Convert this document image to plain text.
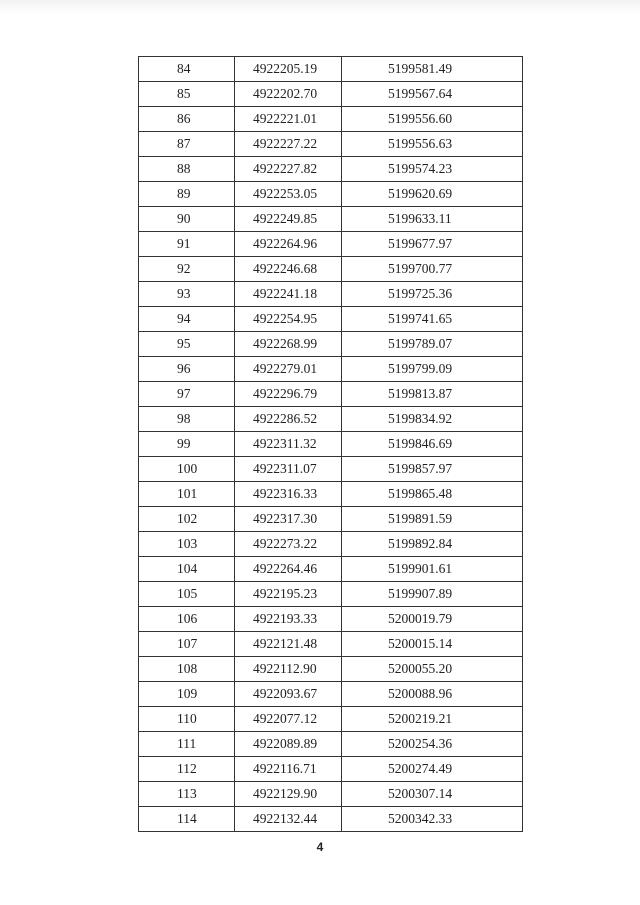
84	4922205.19	5199581.49
85	4922202.70	5199567.64
86	4922221.01	5199556.60
87	4922227.22	5199556.63
88	4922227.82	5199574.23
89	4922253.05	5199620.69
90	4922249.85	5199633.11
91	4922264.96	5199677.97
92	4922246.68	5199700.77
93	4922241.18	5199725.36
94	4922254.95	5199741.65
95	4922268.99	5199789.07
96	4922279.01	5199799.09
97	4922296.79	5199813.87
98	4922286.52	5199834.92
99	4922311.32	5199846.69
100	4922311.07	5199857.97
101	4922316.33	5199865.48
102	4922317.30	5199891.59
103	4922273.22	5199892.84
104	4922264.46	5199901.61
105	4922195.23	5199907.89
106	4922193.33	5200019.79
107	4922121.48	5200015.14
108	4922112.90	5200055.20
109	4922093.67	5200088.96
110	4922077.12	5200219.21
111	4922089.89	5200254.36
112	4922116.71	5200274.49
113	4922129.90	5200307.14
114	4922132.44	5200342.33
4
